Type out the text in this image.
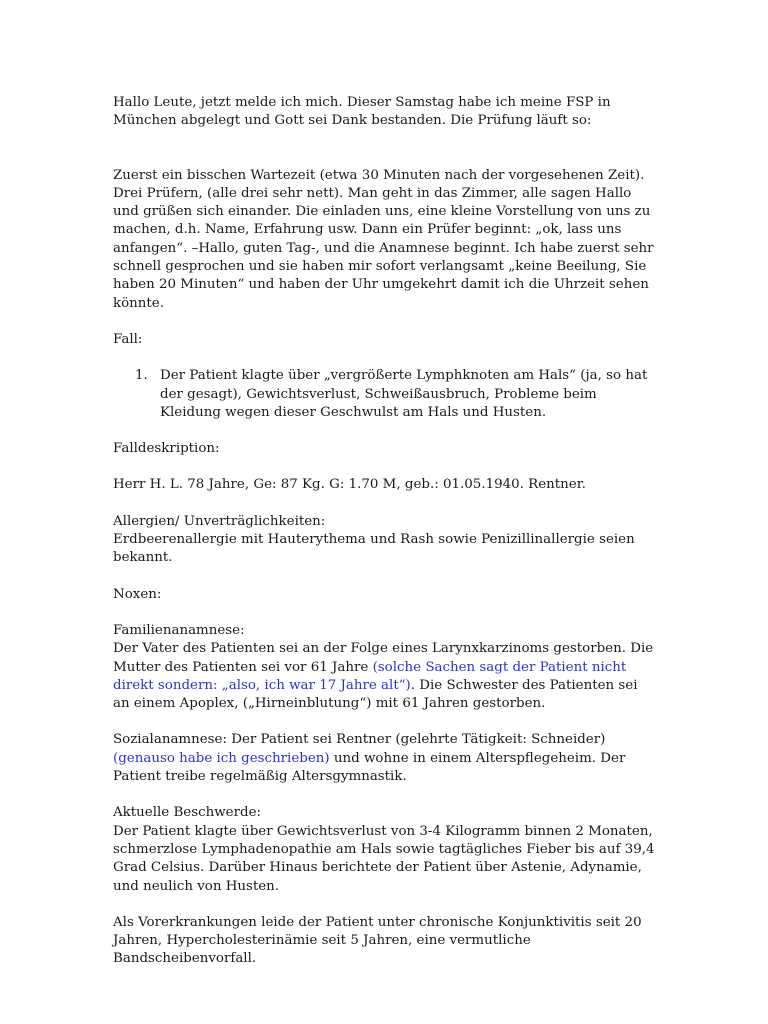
Hallo Leute, jetzt melde ich mich. Dieser Samstag habe ich meine FSP in München abgelegt und Gott sei Dank bestanden. Die Prüfung läuft so:

Zuerst ein bisschen Wartezeit (etwa 30 Minuten nach der vorgesehenen Zeit). Drei Prüfern, (alle drei sehr nett). Man geht in das Zimmer, alle sagen Hallo und grüßen sich einander. Die einladen uns, eine kleine Vorstellung von uns zu machen, d.h. Name, Erfahrung usw. Dann ein Prüfer beginnt: „ok, lass uns anfangen“. –Hallo, guten Tag-, und die Anamnese beginnt. Ich habe zuerst sehr schnell gesprochen und sie haben mir sofort verlangsamt „keine Beeilung, Sie haben 20 Minuten“ und haben der Uhr umgekehrt damit ich die Uhrzeit sehen könnte.

Fall:

1. Der Patient klagte über „vergrößerte Lymphknoten am Hals“ (ja, so hat der gesagt), Gewichtsverlust, Schweißausbruch, Probleme beim Kleidung wegen dieser Geschwulst am Hals und Husten.

Falldeskription:

Herr H. L. 78 Jahre, Ge: 87 Kg. G: 1.70 M, geb.: 01.05.1940. Rentner.

Allergien/ Unverträglichkeiten:

Erdbeerenallergie mit Hauterythema und Rash sowie Penizillinallergie seien bekannt.

Noxen:

Familienanamnese:

Der Vater des Patienten sei an der Folge eines Larynxkarzinoms gestorben. Die Mutter des Patienten sei vor 61 Jahre (solche Sachen sagt der Patient nicht direkt sondern: „also, ich war 17 Jahre alt“). Die Schwester des Patienten sei an einem Apoplex, („Hirneinblutung“) mit 61 Jahren gestorben.

Sozialanamnese: Der Patient sei Rentner (gelehrte Tätigkeit: Schneider) (genauso habe ich geschrieben) und wohne in einem Alterspflegeheim. Der Patient treibe regelmäßig Altersgymnastik.

Aktuelle Beschwerde:

Der Patient klagte über Gewichtsverlust von 3-4 Kilogramm binnen 2 Monaten, schmerzlose Lymphadenopathie am Hals sowie tagtägliches Fieber bis auf 39,4 Grad Celsius. Darüber Hinaus berichtete der Patient über Astenie, Adynamie, und neulich von Husten.

Als Vorerkrankungen leide der Patient unter chronische Konjunktivitis seit 20 Jahren, Hypercholesterinämie seit 5 Jahren, eine vermutliche Bandscheibenvorfall.
